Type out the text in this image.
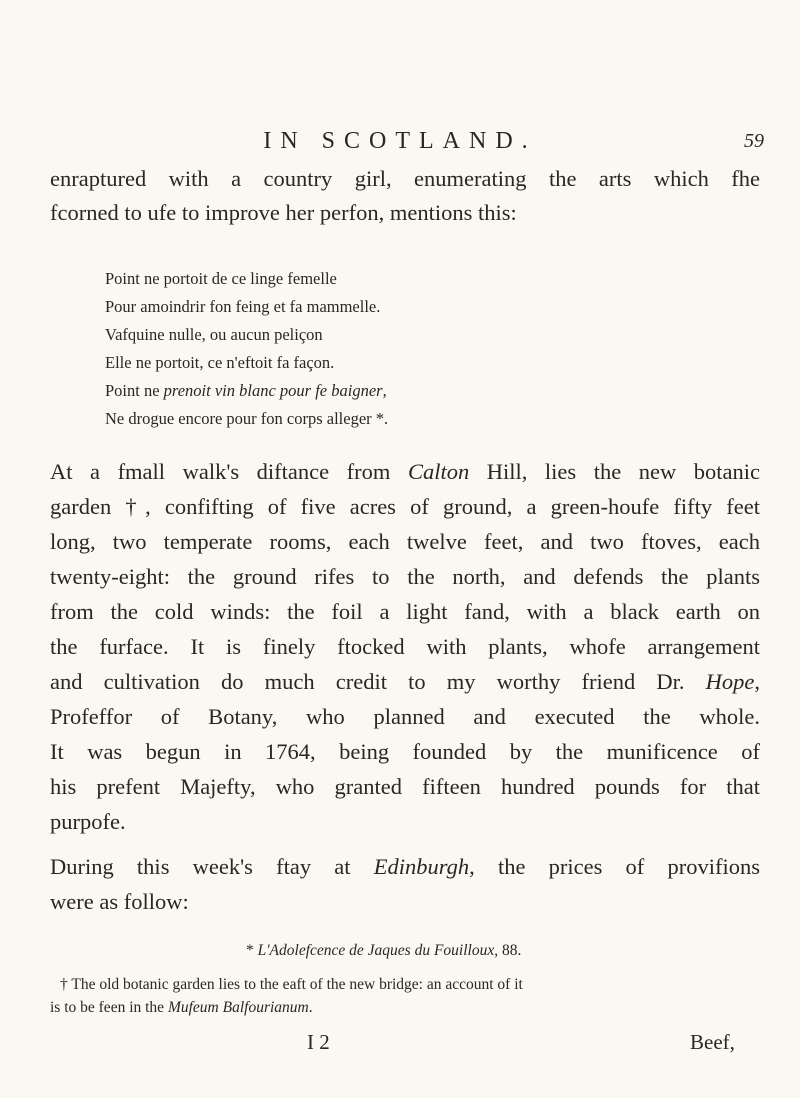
IN SCOTLAND.	59
enraptured with a country girl, enumerating the arts which fhe
fcorned to ufe to improve her perfon, mentions this:
Point ne portoit de ce linge femelle
Pour amoindrir fon feing et fa mammelle.
Vafquine nulle, ou aucun peliçon
Elle ne portoit, ce n'eftoit fa façon.
Point ne prenoit vin blanc pour fe baigner,
Ne drogue encore pour fon corps alleger *.
At a fmall walk's diftance from Calton Hill, lies the new botanic
garden †, confifting of five acres of ground, a green-houfe fifty feet
long, two temperate rooms, each twelve feet, and two ftoves, each
twenty-eight: the ground rifes to the north, and defends the plants
from the cold winds: the foil a light fand, with a black earth on
the furface. It is finely ftocked with plants, whofe arrangement
and cultivation do much credit to my worthy friend Dr. Hope,
Profeffor of Botany, who planned and executed the whole.
It was begun in 1764, being founded by the munificence of
his prefent Majefty, who granted fifteen hundred pounds for that
purpofe.
During this week's ftay at Edinburgh, the prices of provifions
were as follow:
* L'Adolefcence de Jaques du Fouilloux, 88.
† The old botanic garden lies to the eaft of the new bridge: an account of it
is to be feen in the Mufeum Balfourianum.
I 2	Beef,
